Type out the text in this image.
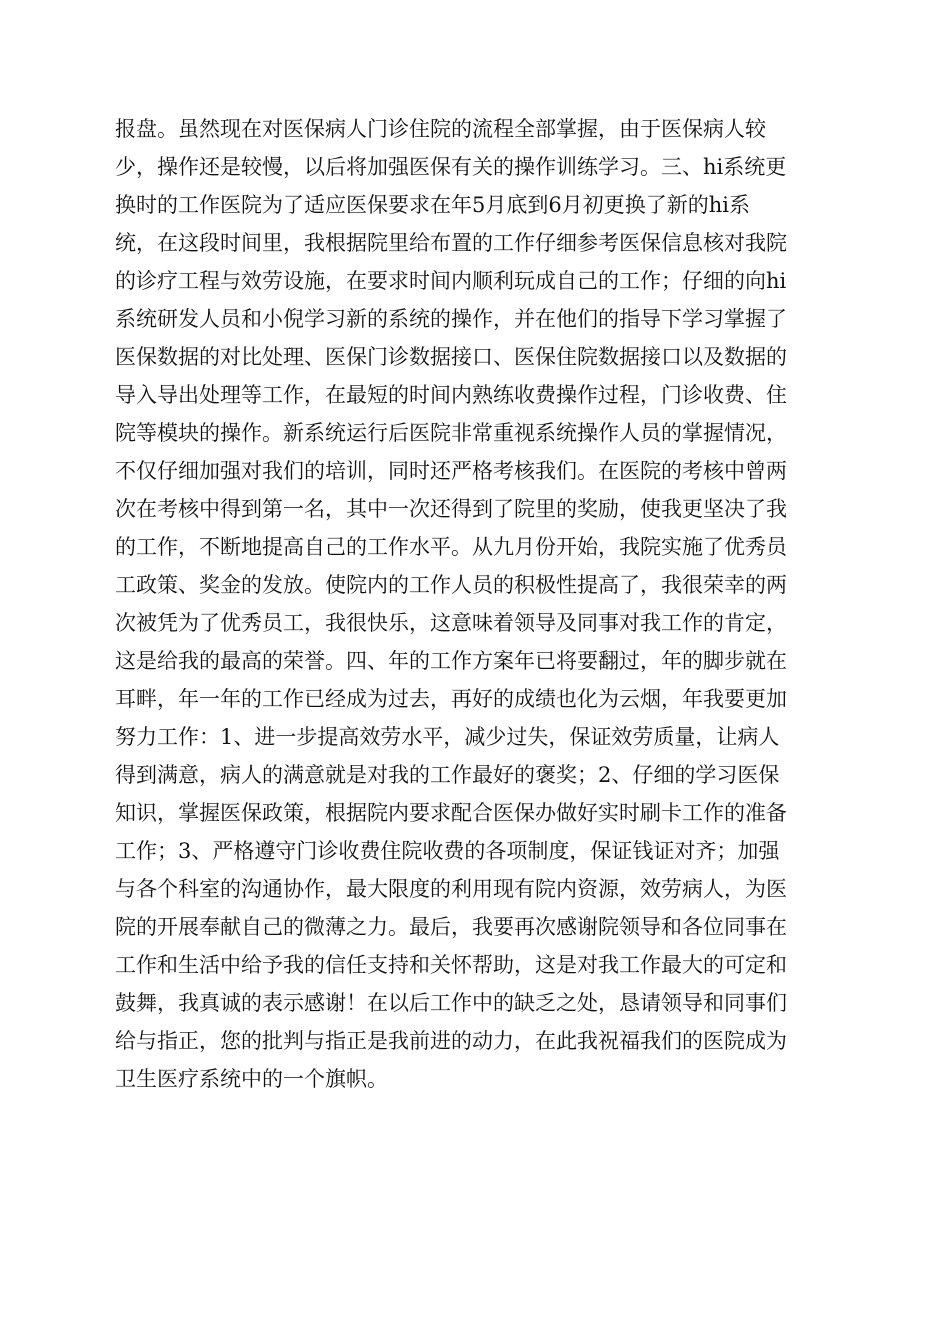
报盘。虽然现在对医保病人门诊住院的流程全部掌握，由于医保病人较
少，操作还是较慢，以后将加强医保有关的操作训练学习。三、hi系统更
换时的工作医院为了适应医保要求在年5月底到6月初更换了新的hi系
统，在这段时间里，我根据院里给布置的工作仔细参考医保信息核对我院
的诊疗工程与效劳设施，在要求时间内顺利玩成自己的工作；仔细的向hi
系统研发人员和小倪学习新的系统的操作，并在他们的指导下学习掌握了
医保数据的对比处理、医保门诊数据接口、医保住院数据接口以及数据的
导入导出处理等工作，在最短的时间内熟练收费操作过程，门诊收费、住
院等模块的操作。新系统运行后医院非常重视系统操作人员的掌握情况，
不仅仔细加强对我们的培训，同时还严格考核我们。在医院的考核中曾两
次在考核中得到第一名，其中一次还得到了院里的奖励，使我更坚决了我
的工作，不断地提高自己的工作水平。从九月份开始，我院实施了优秀员
工政策、奖金的发放。使院内的工作人员的积极性提高了，我很荣幸的两
次被凭为了优秀员工，我很快乐，这意味着领导及同事对我工作的肯定，
这是给我的最高的荣誉。四、年的工作方案年已将要翻过，年的脚步就在
耳畔，年一年的工作已经成为过去，再好的成绩也化为云烟，年我要更加
努力工作：1、进一步提高效劳水平，减少过失，保证效劳质量，让病人
得到满意，病人的满意就是对我的工作最好的褒奖；2、仔细的学习医保
知识，掌握医保政策，根据院内要求配合医保办做好实时刷卡工作的准备
工作；3、严格遵守门诊收费住院收费的各项制度，保证钱证对齐；加强
与各个科室的沟通协作，最大限度的利用现有院内资源，效劳病人，为医
院的开展奉献自己的微薄之力。最后，我要再次感谢院领导和各位同事在
工作和生活中给予我的信任支持和关怀帮助，这是对我工作最大的可定和
鼓舞，我真诚的表示感谢！在以后工作中的缺乏之处，恳请领导和同事们
给与指正，您的批判与指正是我前进的动力，在此我祝福我们的医院成为
卫生医疗系统中的一个旗帜。
